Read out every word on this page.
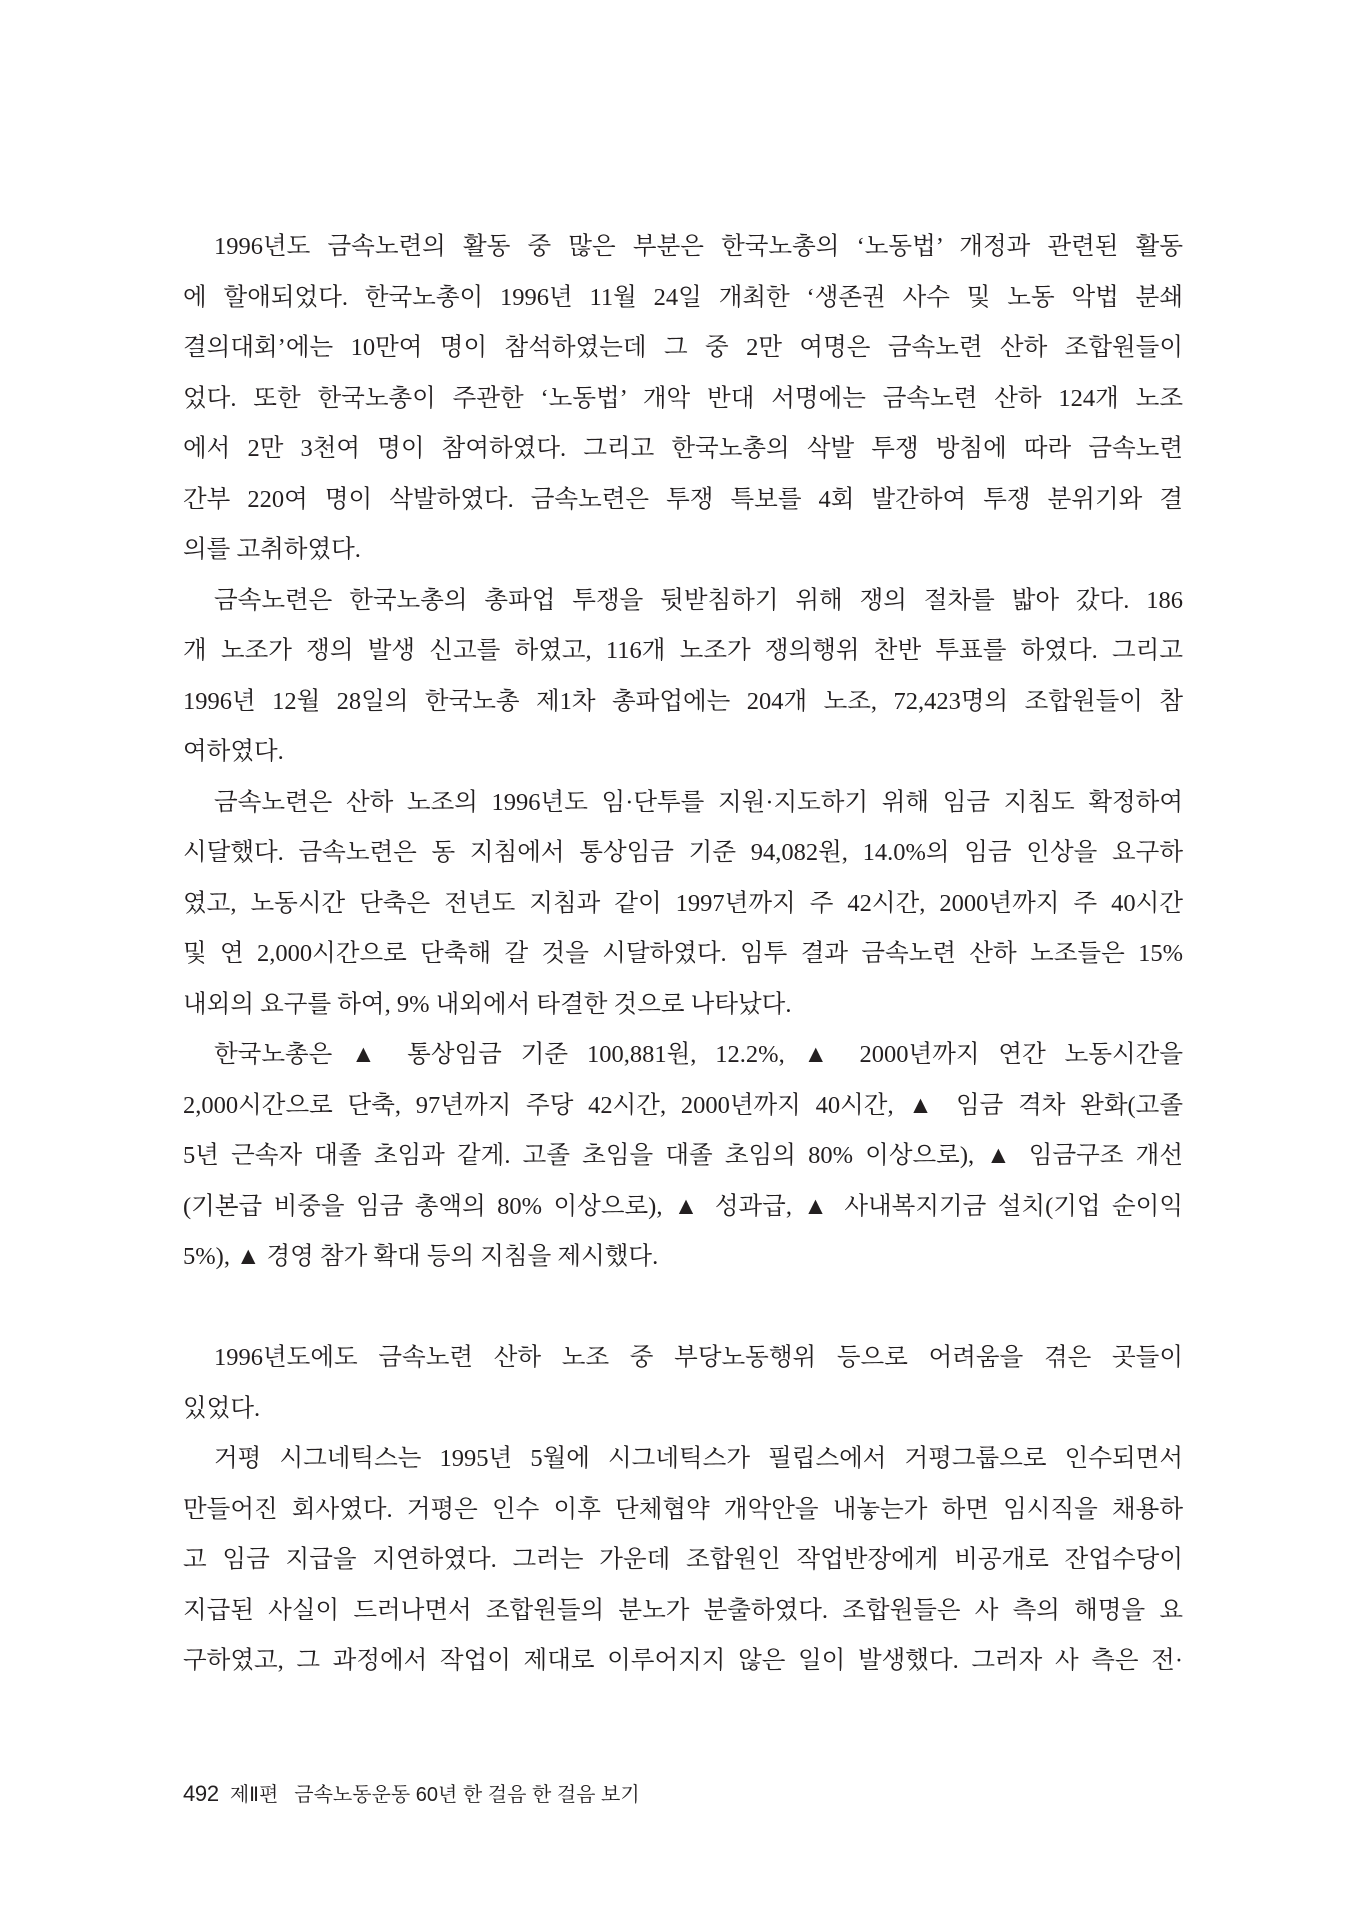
1996년도 금속노련의 활동 중 많은 부분은 한국노총의 ‘노동법’ 개정과 관련된 활동
에 할애되었다. 한국노총이 1996년 11월 24일 개최한 ‘생존권 사수 및 노동 악법 분쇄
결의대회’에는 10만여 명이 참석하였는데 그 중 2만 여명은 금속노련 산하 조합원들이
었다. 또한 한국노총이 주관한 ‘노동법’ 개악 반대 서명에는 금속노련 산하 124개 노조
에서 2만 3천여 명이 참여하였다. 그리고 한국노총의 삭발 투쟁 방침에 따라 금속노련
간부 220여 명이 삭발하였다. 금속노련은 투쟁 특보를 4회 발간하여 투쟁 분위기와 결
의를 고취하였다.
금속노련은 한국노총의 총파업 투쟁을 뒷받침하기 위해 쟁의 절차를 밟아 갔다. 186
개 노조가 쟁의 발생 신고를 하였고, 116개 노조가 쟁의행위 찬반 투표를 하였다. 그리고
1996년 12월 28일의 한국노총 제1차 총파업에는 204개 노조, 72,423명의 조합원들이 참
여하였다.
금속노련은 산하 노조의 1996년도 임·단투를 지원·지도하기 위해 임금 지침도 확정하여
시달했다. 금속노련은 동 지침에서 통상임금 기준 94,082원, 14.0%의 임금 인상을 요구하
였고, 노동시간 단축은 전년도 지침과 같이 1997년까지 주 42시간, 2000년까지 주 40시간
및 연 2,000시간으로 단축해 갈 것을 시달하였다. 임투 결과 금속노련 산하 노조들은 15%
내외의 요구를 하여, 9% 내외에서 타결한 것으로 나타났다.
한국노총은 ▲ 통상임금 기준 100,881원, 12.2%, ▲ 2000년까지 연간 노동시간을
2,000시간으로 단축, 97년까지 주당 42시간, 2000년까지 40시간, ▲ 임금 격차 완화(고졸
5년 근속자 대졸 초임과 같게. 고졸 초임을 대졸 초임의 80% 이상으로), ▲ 임금구조 개선
(기본급 비중을 임금 총액의 80% 이상으로), ▲ 성과급, ▲ 사내복지기금 설치(기업 순이익
5%), ▲ 경영 참가 확대 등의 지침을 제시했다.
1996년도에도 금속노련 산하 노조 중 부당노동행위 등으로 어려움을 겪은 곳들이
있었다.
거평 시그네틱스는 1995년 5월에 시그네틱스가 필립스에서 거평그룹으로 인수되면서
만들어진 회사였다. 거평은 인수 이후 단체협약 개악안을 내놓는가 하면 임시직을 채용하
고 임금 지급을 지연하였다. 그러는 가운데 조합원인 작업반장에게 비공개로 잔업수당이
지급된 사실이 드러나면서 조합원들의 분노가 분출하였다. 조합원들은 사 측의 해명을 요
구하였고, 그 과정에서 작업이 제대로 이루어지지 않은 일이 발생했다. 그러자 사 측은 전·
492 제Ⅱ편 금속노동운동 60년 한 걸음 한 걸음 보기
